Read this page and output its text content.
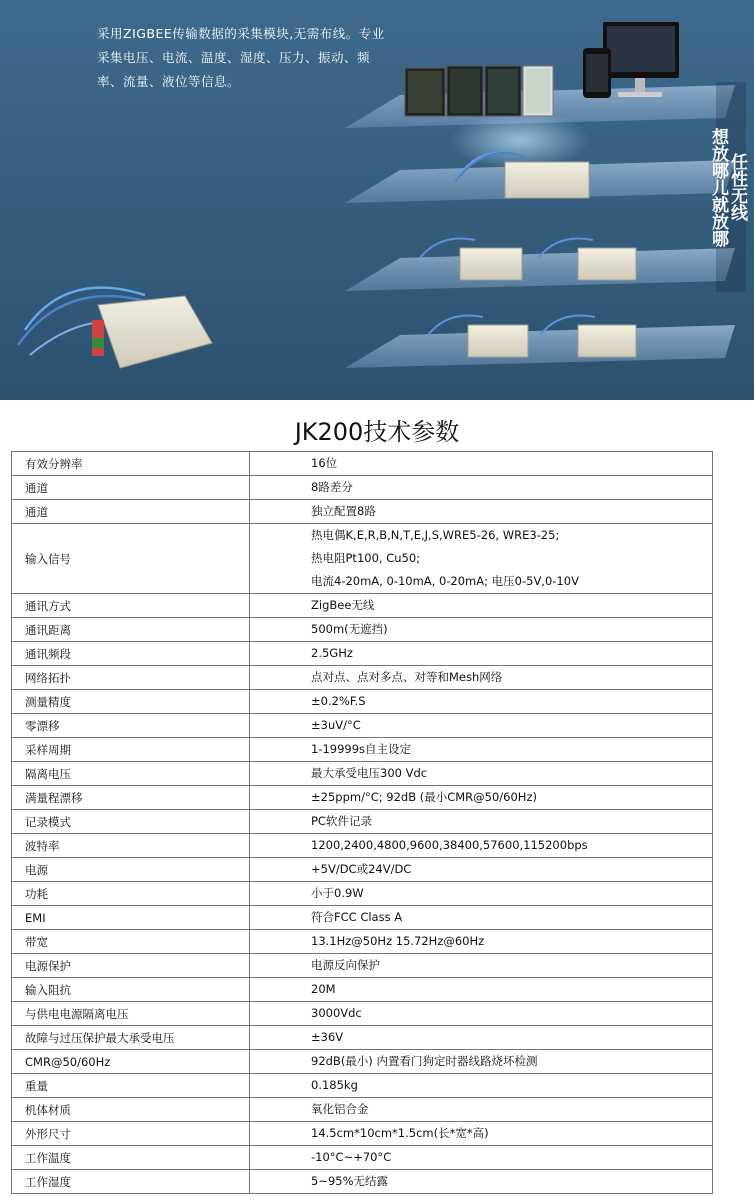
采用ZIGBEE传输数据的采集模块,无需布线。专业采集电压、电流、温度、湿度、压力、振动、频率、流量、液位等信息。
任性无线
想放哪儿就放哪
JK200技术参数
有效分辨率	16位

通道	8路差分

通道	独立配置8路

输入信号	热电偶K,E,R,B,N,T,E,J,S,WRE5-26, WRE3-25;
热电阻Pt100, Cu50;
电流4-20mA, 0-10mA, 0-20mA; 电压0-5V,0-10V

通讯方式	ZigBee无线

通讯距离	500m(无遮挡)

通讯频段	2.5GHz

网络拓扑	点对点、点对多点、对等和Mesh网络

测量精度	±0.2%F.S

零漂移	±3uV/°C

采样周期	1-19999s自主设定

隔离电压	最大承受电压300 Vdc

满量程漂移	±25ppm/°C; 92dB (最小CMR@50/60Hz)

记录模式	PC软件记录

波特率	1200,2400,4800,9600,38400,57600,115200bps

电源	+5V/DC或24V/DC

功耗	小于0.9W

EMI	符合FCC Class A

带宽	13.1Hz@50Hz 15.72Hz@60Hz

电源保护	电源反向保护

输入阻抗	20M

与供电电源隔离电压	3000Vdc

故障与过压保护最大承受电压	±36V

CMR@50/60Hz	92dB(最小) 内置看门狗定时器线路烧坏检测

重量	0.185kg

机体材质	氧化铝合金

外形尺寸	14.5cm*10cm*1.5cm(长*宽*高)

工作温度	-10°C~+70°C

工作湿度	5~95%无结露
